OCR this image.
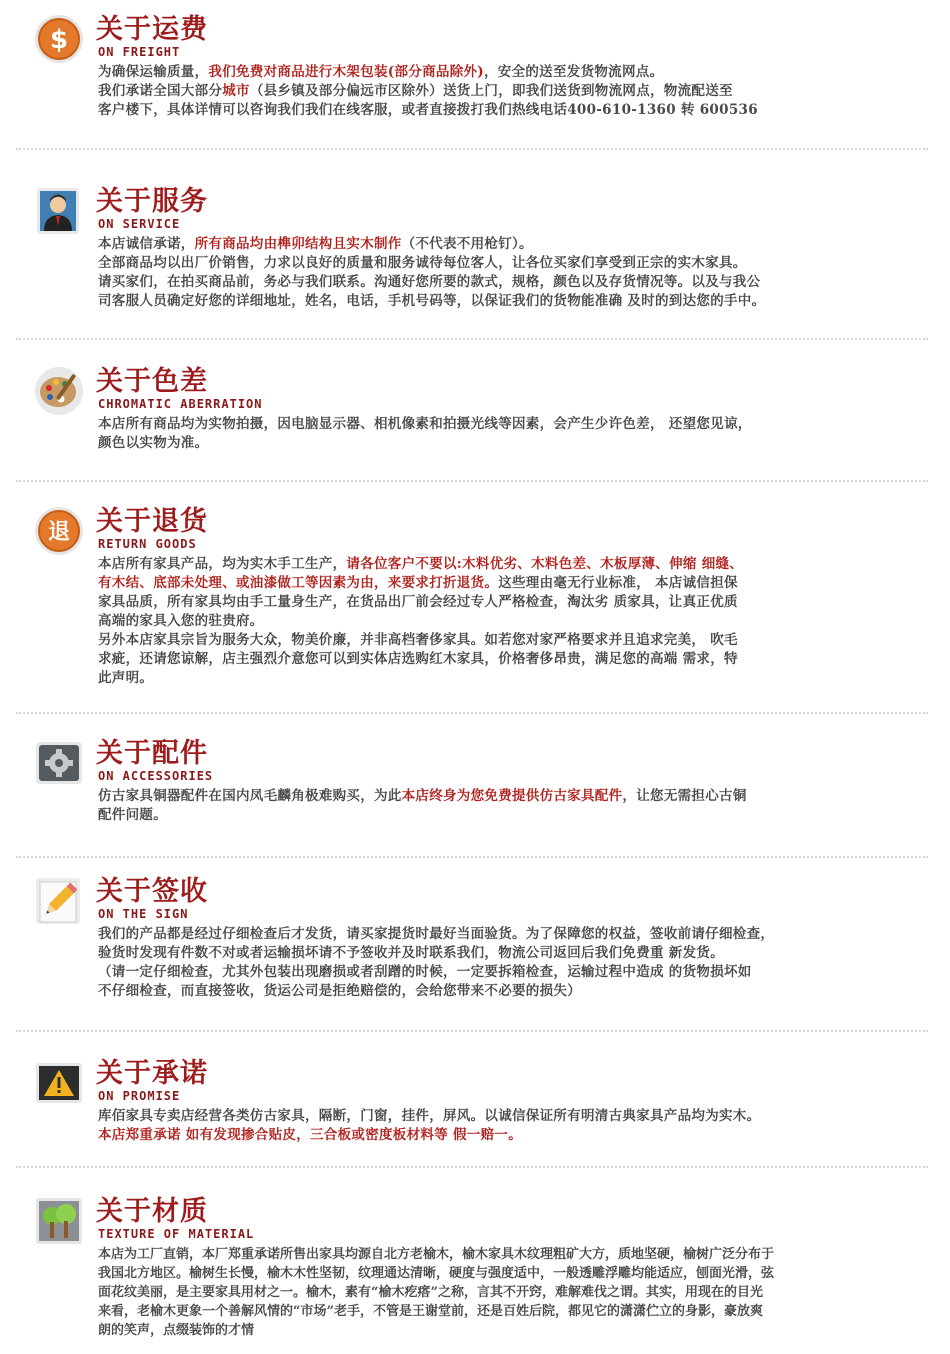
$ 关于运费
ON FREIGHT

为确保运输质量，我们免费对商品进行木架包装(部分商品除外)，安全的送至发货物流网点。

我们承诺全国大部分城市（县乡镇及部分偏远市区除外）送货上门，即我们送货到物流网点，物流配送至

客户楼下，具体详情可以咨询我们我们在线客服，或者直接拨打我们热线电话400-610-1360 转 600536

关于服务
ON SERVICE

本店诚信承诺，所有商品均由榫卯结构且实木制作（不代表不用枪钉）。

全部商品均以出厂价销售，力求以良好的质量和服务诚待每位客人，让各位买家们享受到正宗的实木家具。

请买家们，在拍买商品前，务必与我们联系。沟通好您所要的款式，规格，颜色以及存货情况等。以及与我公

司客服人员确定好您的详细地址，姓名，电话，手机号码等，以保证我们的货物能准确 及时的到达您的手中。

关于色差
CHROMATIC ABERRATION

本店所有商品均为实物拍摄，因电脑显示器、相机像素和拍摄光线等因素，会产生少许色差， 还望您见谅，

颜色以实物为准。

退 关于退货
RETURN GOODS

本店所有家具产品，均为实木手工生产，请各位客户不要以:木料优劣、木料色差、木板厚薄、伸缩 细缝、

有木结、底部未处理、或油漆做工等因素为由，来要求打折退货。这些理由毫无行业标准， 本店诚信担保

家具品质，所有家具均由手工量身生产，在货品出厂前会经过专人严格检查，淘汰劣 质家具，让真正优质

高端的家具入您的驻贵府。

另外本店家具宗旨为服务大众，物美价廉，并非高档奢侈家具。如若您对家严格要求并且追求完美， 吹毛

求疵，还请您谅解，店主强烈介意您可以到实体店选购红木家具，价格奢侈昂贵，满足您的高端 需求，特

此声明。

关于配件
ON ACCESSORIES

仿古家具铜器配件在国内凤毛麟角极难购买，为此本店终身为您免费提供仿古家具配件，让您无需担心古铜

配件问题。

关于签收
ON THE SIGN

我们的产品都是经过仔细检查后才发货，请买家提货时最好当面验货。为了保障您的权益，签收前请仔细检查，

验货时发现有件数不对或者运输损坏请不予签收并及时联系我们，物流公司返回后我们免费重 新发货。

（请一定仔细检查，尤其外包装出现磨损或者刮蹭的时候，一定要拆箱检查，运输过程中造成 的货物损坏如

不仔细检查，而直接签收，货运公司是拒绝赔偿的，会给您带来不必要的损失）

关于承诺
ON PROMISE

库佰家具专卖店经营各类仿古家具，隔断，门窗，挂件，屏风。以诚信保证所有明清古典家具产品均为实木。

本店郑重承诺 如有发现掺合贴皮，三合板或密度板材料等 假一赔一。

关于材质
TEXTURE OF MATERIAL

本店为工厂直销，本厂郑重承诺所售出家具均源自北方老榆木，榆木家具木纹理粗矿大方，质地坚硬，榆树广泛分布于

我国北方地区。榆树生长慢，榆木木性坚韧，纹理通达清晰，硬度与强度适中，一般透雕浮雕均能适应，刨面光滑，弦

面花纹美丽，是主要家具用材之一。榆木，素有“榆木疙瘩”之称，言其不开窍，难解难伐之谓。其实，用现在的目光

来看，老榆木更象一个善解风情的“市场”老手，不管是王谢堂前，还是百姓后院，都见它的潇潇伫立的身影，豪放爽

朗的笑声，点缀装饰的才情
